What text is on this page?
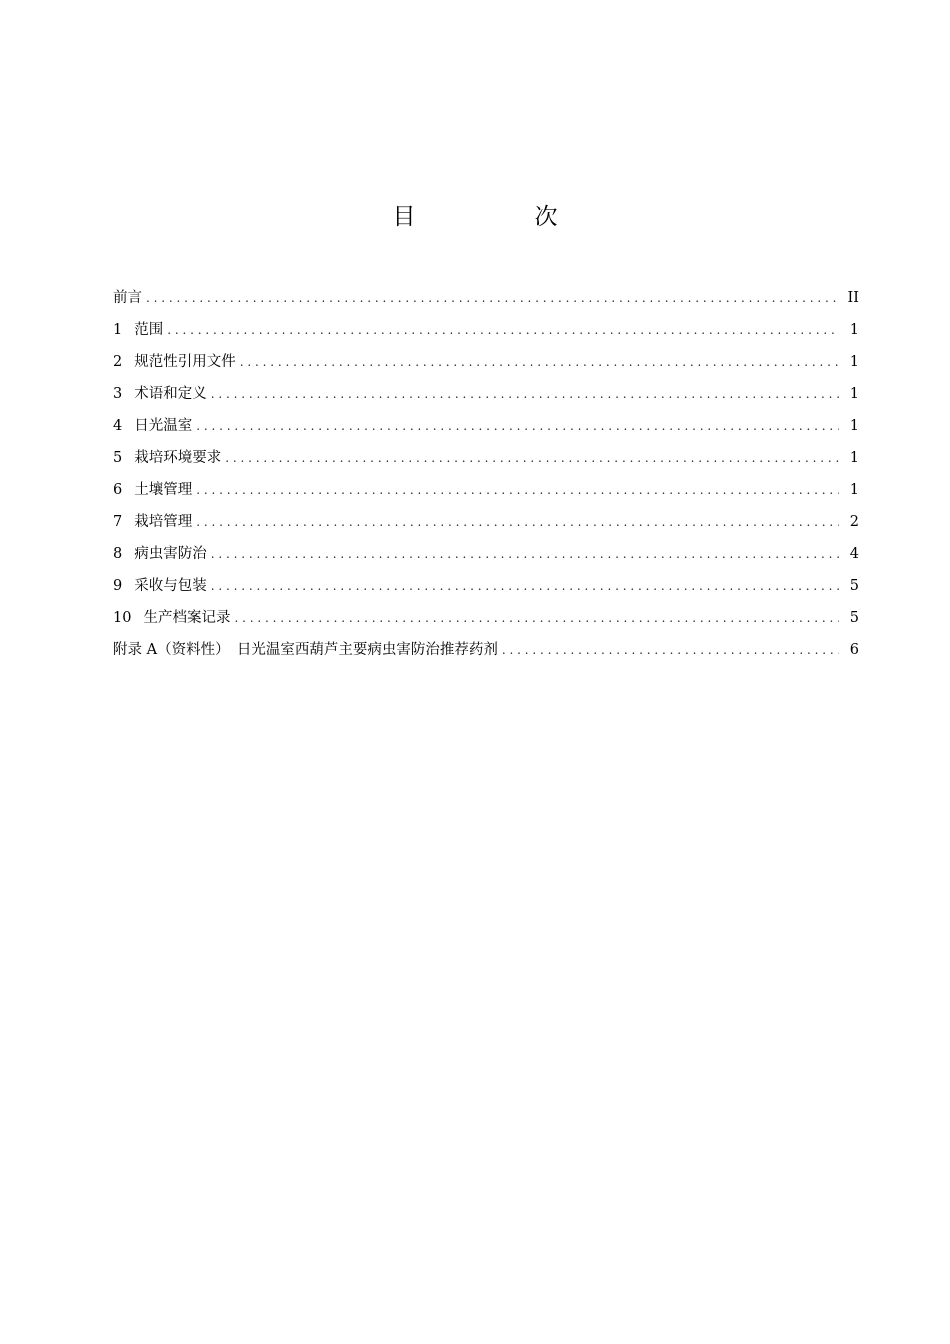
目　次
前言 . . .	II
1 范围 . . .	1
2 规范性引用文件 . . .	1
3 术语和定义 . . .	1
4 日光温室 . . .	1
5 栽培环境要求 . . .	1
6 土壤管理 . . .	1
7 栽培管理 . . .	2
8 病虫害防治 . . .	4
9 采收与包装 . . .	5
10 生产档案记录 . . .	5
附录 A（资料性）　日光温室西葫芦主要病虫害防治推荐药剂 . . .	6
